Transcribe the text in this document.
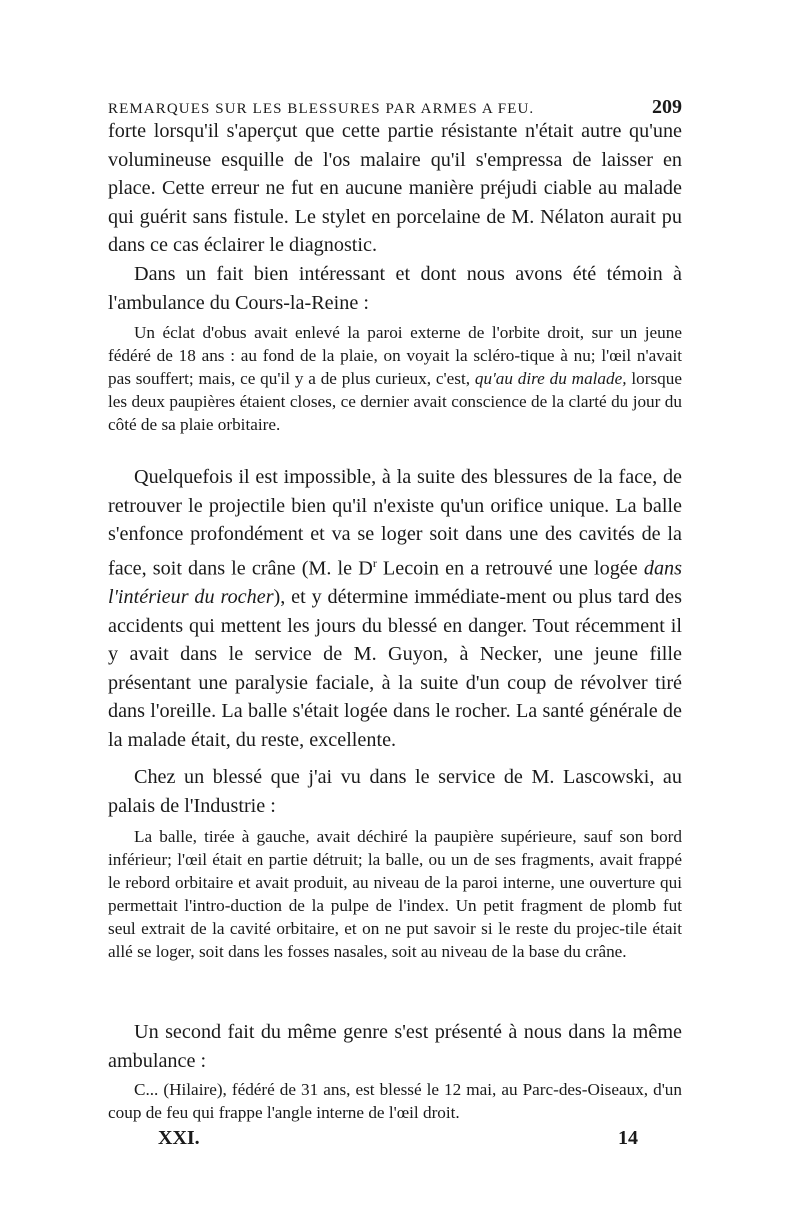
REMARQUES SUR LES BLESSURES PAR ARMES A FEU.	209

forte lorsqu'il s'aperçut que cette partie résistante n'était autre qu'une volumineuse esquille de l'os malaire qu'il s'empressa de laisser en place. Cette erreur ne fut en aucune manière préjudi ciable au malade qui guérit sans fistule. Le stylet en porcelaine de M. Nélaton aurait pu dans ce cas éclairer le diagnostic.

Dans un fait bien intéressant et dont nous avons été témoin à l'ambulance du Cours-la-Reine :

Un éclat d'obus avait enlevé la paroi externe de l'orbite droit, sur un jeune fédéré de 18 ans : au fond de la plaie, on voyait la scléro-tique à nu; l'œil n'avait pas souffert; mais, ce qu'il y a de plus curieux, c'est, qu'au dire du malade, lorsque les deux paupières étaient closes, ce dernier avait conscience de la clarté du jour du côté de sa plaie orbitaire.

Quelquefois il est impossible, à la suite des blessures de la face, de retrouver le projectile bien qu'il n'existe qu'un orifice unique. La balle s'enfonce profondément et va se loger soit dans une des cavités de la face, soit dans le crâne (M. le $D^r$ Lecoin en a retrouvé une logée dans l'intérieur du rocher), et y détermine immédiate-ment ou plus tard des accidents qui mettent les jours du blessé en danger. Tout récemment il y avait dans le service de M. Guyon, à Necker, une jeune fille présentant une paralysie faciale, à la suite d'un coup de révolver tiré dans l'oreille. La balle s'était logée dans le rocher. La santé générale de la malade était, du reste, excellente.

Chez un blessé que j'ai vu dans le service de M. Lascowski, au palais de l'Industrie :

La balle, tirée à gauche, avait déchiré la paupière supérieure, sauf son bord inférieur; l'œil était en partie détruit; la balle, ou un de ses fragments, avait frappé le rebord orbitaire et avait produit, au niveau de la paroi interne, une ouverture qui permettait l'intro-duction de la pulpe de l'index. Un petit fragment de plomb fut seul extrait de la cavité orbitaire, et on ne put savoir si le reste du projec-tile était allé se loger, soit dans les fosses nasales, soit au niveau de la base du crâne.

Un second fait du même genre s'est présenté à nous dans la même ambulance :

C... (Hilaire), fédéré de 31 ans, est blessé le 12 mai, au Parc-des-Oiseaux, d'un coup de feu qui frappe l'angle interne de l'œil droit.

XXI.	14
